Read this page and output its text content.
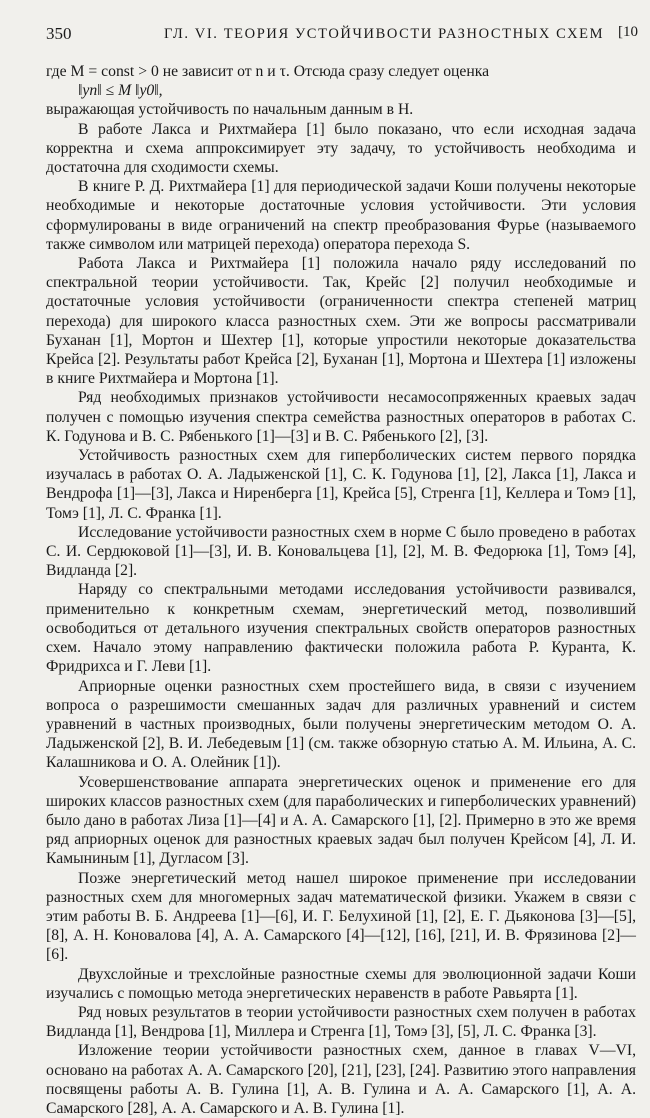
350	ГЛ. VI. ТЕОРИЯ УСТОЙЧИВОСТИ РАЗНОСТНЫХ СХЕМ [10

где M = const > 0 не зависит от n и τ. Отсюда сразу следует оценка

‖yn‖ ≤ M ‖y0‖,

выражающая устойчивость по начальным данным в H.

В работе Лакса и Рихтмайера [1] было показано, что если исходная задача корректна и схема аппроксимирует эту задачу, то устойчивость необходима и достаточна для сходимости схемы.

В книге Р. Д. Рихтмайера [1] для периодической задачи Коши получены некоторые необходимые и некоторые достаточные условия устойчивости. Эти условия сформулированы в виде ограничений на спектр преобразования Фурье (называемого также символом или матрицей перехода) оператора перехода S.

Работа Лакса и Рихтмайера [1] положила начало ряду исследований по спектральной теории устойчивости. Так, Крейс [2] получил необходимые и достаточные условия устойчивости (ограниченности спектра степеней матриц перехода) для широкого класса разностных схем. Эти же вопросы рассматривали Буханан [1], Мортон и Шехтер [1], которые упростили некоторые доказательства Крейса [2]. Результаты работ Крейса [2], Буханан [1], Мортона и Шехтера [1] изложены в книге Рихтмайера и Мортона [1].

Ряд необходимых признаков устойчивости несамосопряженных краевых задач получен с помощью изучения спектра семейства разностных операторов в работах С. К. Годунова и В. С. Рябенького [1]—[3] и В. С. Рябенького [2], [3].

Устойчивость разностных схем для гиперболических систем первого порядка изучалась в работах О. А. Ладыженской [1], С. К. Годунова [1], [2], Лакса [1], Лакса и Вендрофа [1]—[3], Лакса и Ниренберга [1], Крейса [5], Стренга [1], Келлера и Томэ [1], Томэ [1], Л. С. Франка [1].

Исследование устойчивости разностных схем в норме C было проведено в работах С. И. Сердюковой [1]—[3], И. В. Коновальцева [1], [2], М. В. Федорюка [1], Томэ [4], Видланда [2].

Наряду со спектральными методами исследования устойчивости развивался, применительно к конкретным схемам, энергетический метод, позволивший освободиться от детального изучения спектральных свойств операторов разностных схем. Начало этому направлению фактически положила работа Р. Куранта, К. Фридрихса и Г. Леви [1].

Априорные оценки разностных схем простейшего вида, в связи с изучением вопроса о разрешимости смешанных задач для различных уравнений и систем уравнений в частных производных, были получены энергетическим методом О. А. Ладыженской [2], В. И. Лебедевым [1] (см. также обзорную статью А. М. Ильина, А. С. Калашникова и О. А. Олейник [1]).

Усовершенствование аппарата энергетических оценок и применение его для широких классов разностных схем (для параболических и гиперболических уравнений) было дано в работах Лиза [1]—[4] и А. А. Самарского [1], [2]. Примерно в это же время ряд априорных оценок для разностных краевых задач был получен Крейсом [4], Л. И. Камыниным [1], Дугласом [3].

Позже энергетический метод нашел широкое применение при исследовании разностных схем для многомерных задач математической физики. Укажем в связи с этим работы В. Б. Андреева [1]—[6], И. Г. Белухиной [1], [2], Е. Г. Дьяконова [3]—[5], [8], А. Н. Коновалова [4], А. А. Самарского [4]—[12], [16], [21], И. В. Фрязинова [2]—[6].

Двухслойные и трехслойные разностные схемы для эволюционной задачи Коши изучались с помощью метода энергетических неравенств в работе Равьярта [1].

Ряд новых результатов в теории устойчивости разностных схем получен в работах Видланда [1], Вендрова [1], Миллера и Стренга [1], Томэ [3], [5], Л. С. Франка [3].

Изложение теории устойчивости разностных схем, данное в главах V—VI, основано на работах А. А. Самарского [20], [21], [23], [24]. Развитию этого направления посвящены работы А. В. Гулина [1], А. В. Гулина и А. А. Самарского [1], А. А. Самарского [28], А. А. Самарского и А. В. Гулина [1].
